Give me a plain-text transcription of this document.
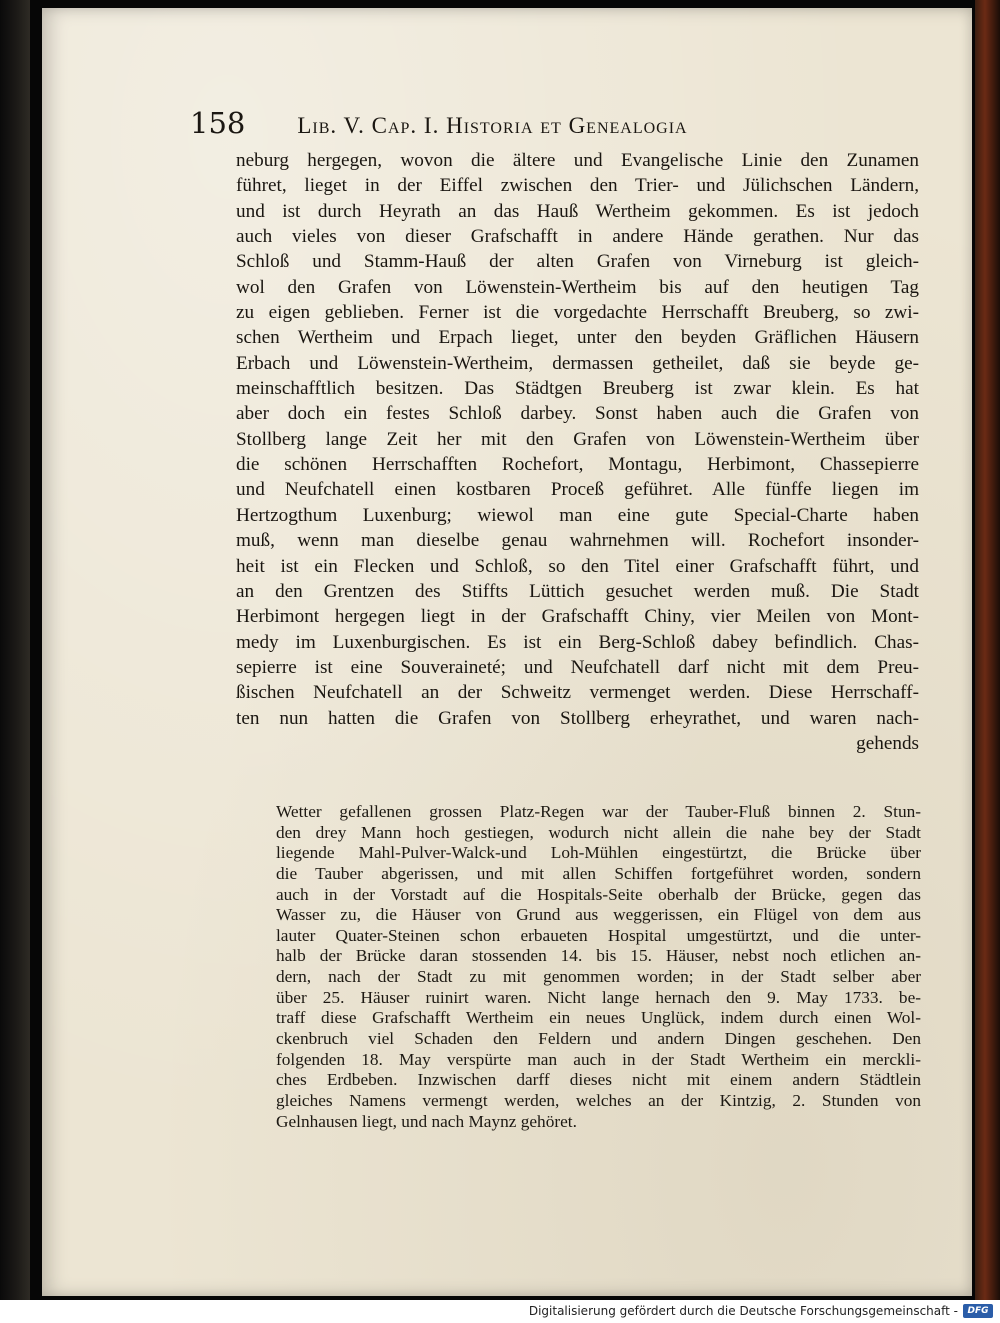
158 Lib. V. Cap. I. Historia et Genealogia
neburg hergegen, wovon die ältere und Evangelische Linie den Zunamen
führet, lieget in der Eiffel zwischen den Trier- und Jülichschen Ländern,
und ist durch Heyrath an das Hauß Wertheim gekommen. Es ist jedoch
auch vieles von dieser Grafschafft in andere Hände gerathen. Nur das
Schloß und Stamm-Hauß der alten Grafen von Virneburg ist gleich-
wol den Grafen von Löwenstein-Wertheim bis auf den heutigen Tag
zu eigen geblieben. Ferner ist die vorgedachte Herrschafft Breuberg, so zwi-
schen Wertheim und Erpach lieget, unter den beyden Gräflichen Häusern
Erbach und Löwenstein-Wertheim, dermassen getheilet, daß sie beyde ge-
meinschafftlich besitzen. Das Städtgen Breuberg ist zwar klein. Es hat
aber doch ein festes Schloß darbey. Sonst haben auch die Grafen von
Stollberg lange Zeit her mit den Grafen von Löwenstein-Wertheim über
die schönen Herrschafften Rochefort, Montagu, Herbimont, Chassepierre
und Neufchatell einen kostbaren Proceß geführet. Alle fünffe liegen im
Hertzogthum Luxenburg; wiewol man eine gute Special-Charte haben
muß, wenn man dieselbe genau wahrnehmen will. Rochefort insonder-
heit ist ein Flecken und Schloß, so den Titel einer Grafschafft führt, und
an den Grentzen des Stiffts Lüttich gesuchet werden muß. Die Stadt
Herbimont hergegen liegt in der Grafschafft Chiny, vier Meilen von Mont-
medy im Luxenburgischen. Es ist ein Berg-Schloß dabey befindlich. Chas-
sepierre ist eine Souveraineté; und Neufchatell darf nicht mit dem Preu-
ßischen Neufchatell an der Schweitz vermenget werden. Diese Herrschaff-
ten nun hatten die Grafen von Stollberg erheyrathet, und waren nach-
gehends
Wetter gefallenen grossen Platz-Regen war der Tauber-Fluß binnen 2. Stun-
den drey Mann hoch gestiegen, wodurch nicht allein die nahe bey der Stadt
liegende Mahl-Pulver-Walck-und Loh-Mühlen eingestürtzt, die Brücke über
die Tauber abgerissen, und mit allen Schiffen fortgeführet worden, sondern
auch in der Vorstadt auf die Hospitals-Seite oberhalb der Brücke, gegen das
Wasser zu, die Häuser von Grund aus weggerissen, ein Flügel von dem aus
lauter Quater-Steinen schon erbaueten Hospital umgestürtzt, und die unter-
halb der Brücke daran stossenden 14. bis 15. Häuser, nebst noch etlichen an-
dern, nach der Stadt zu mit genommen worden; in der Stadt selber aber
über 25. Häuser ruinirt waren. Nicht lange hernach den 9. May 1733. be-
traff diese Grafschafft Wertheim ein neues Unglück, indem durch einen Wol-
ckenbruch viel Schaden den Feldern und andern Dingen geschehen. Den
folgenden 18. May verspürte man auch in der Stadt Wertheim ein merckli-
ches Erdbeben. Inzwischen darff dieses nicht mit einem andern Städtlein
gleiches Namens vermengt werden, welches an der Kintzig, 2. Stunden von
Gelnhausen liegt, und nach Maynz gehöret.
Digitalisierung gefördert durch die Deutsche Forschungsgemeinschaft -	DFG
